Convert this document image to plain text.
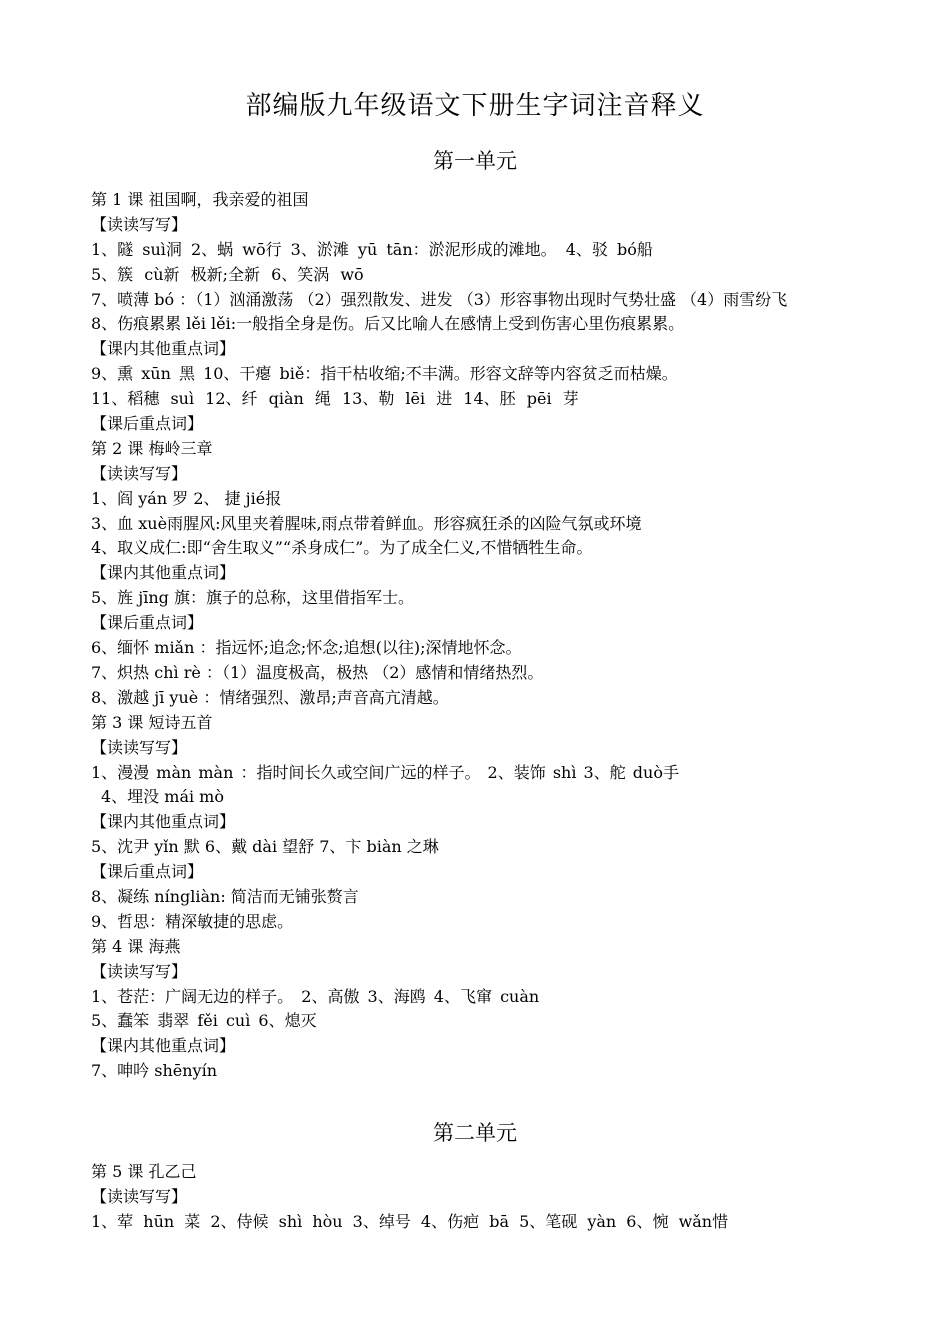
部编版九年级语文下册生字词注音释义
第一单元
第 1 课 祖国啊，我亲爱的祖国
【读读写写】
1、隧 suì洞 2、蜗 wō行 3、淤滩 yū tān：淤泥形成的滩地。 4、驳 bó船
5、簇 cù新 极新;全新 6、笑涡 wō
7、喷薄 bó ：（1）汹涌激荡 （2）强烈散发、进发 （3）形容事物出现时气势壮盛 （4）雨雪纷飞
8、伤痕累累 lěi lěi:一般指全身是伤。后又比喻人在感情上受到伤害心里伤痕累累。
【课内其他重点词】
9、熏 xūn 黑 10、干瘪 biě：指干枯收缩;不丰满。形容文辞等内容贫乏而枯燥。
11、稻穗 suì 12、纤 qiàn 绳 13、勒 lēi 进 14、胚 pēi 芽
【课后重点词】
第 2 课 梅岭三章
【读读写写】
1、阎 yán 罗 2、 捷 jié报
3、血 xuè雨腥风:风里夹着腥味,雨点带着鲜血。形容疯狂杀的凶险气氛或环境
4、取义成仁:即“舍生取义”“杀身成仁”。为了成全仁义,不惜牺牲生命。
【课内其他重点词】
5、旌 jīng 旗：旗子的总称，这里借指军士。
【课后重点词】
6、缅怀 miǎn ：指远怀;追念;怀念;追想(以往);深情地怀念。
7、炽热 chì rè ：（1）温度极高，极热 （2）感情和情绪热烈。
8、激越 jī yuè ：情绪强烈、激昂;声音高亢清越。
第 3 课 短诗五首
【读读写写】
1、漫漫 màn màn ：指时间长久或空间广远的样子。 2、装饰 shì 3、舵 duò手
4、埋没 mái mò
【课内其他重点词】
5、沈尹 yǐn 默 6、戴 dài 望舒 7、卞 biàn 之琳
【课后重点词】
8、凝练 níngliàn: 简洁而无铺张赘言
9、哲思：精深敏捷的思虑。
第 4 课 海燕
【读读写写】
1、苍茫：广阔无边的样子。 2、高傲 3、海鸥 4、飞窜 cuàn
5、蠢笨 翡翠 fěi cuì 6、熄灭
【课内其他重点词】
7、呻吟 shēnyín
第二单元
第 5 课 孔乙己
【读读写写】
1、荤 hūn 菜 2、侍候 shì hòu 3、绰号 4、伤疤 bā 5、笔砚 yàn 6、惋 wǎn惜
